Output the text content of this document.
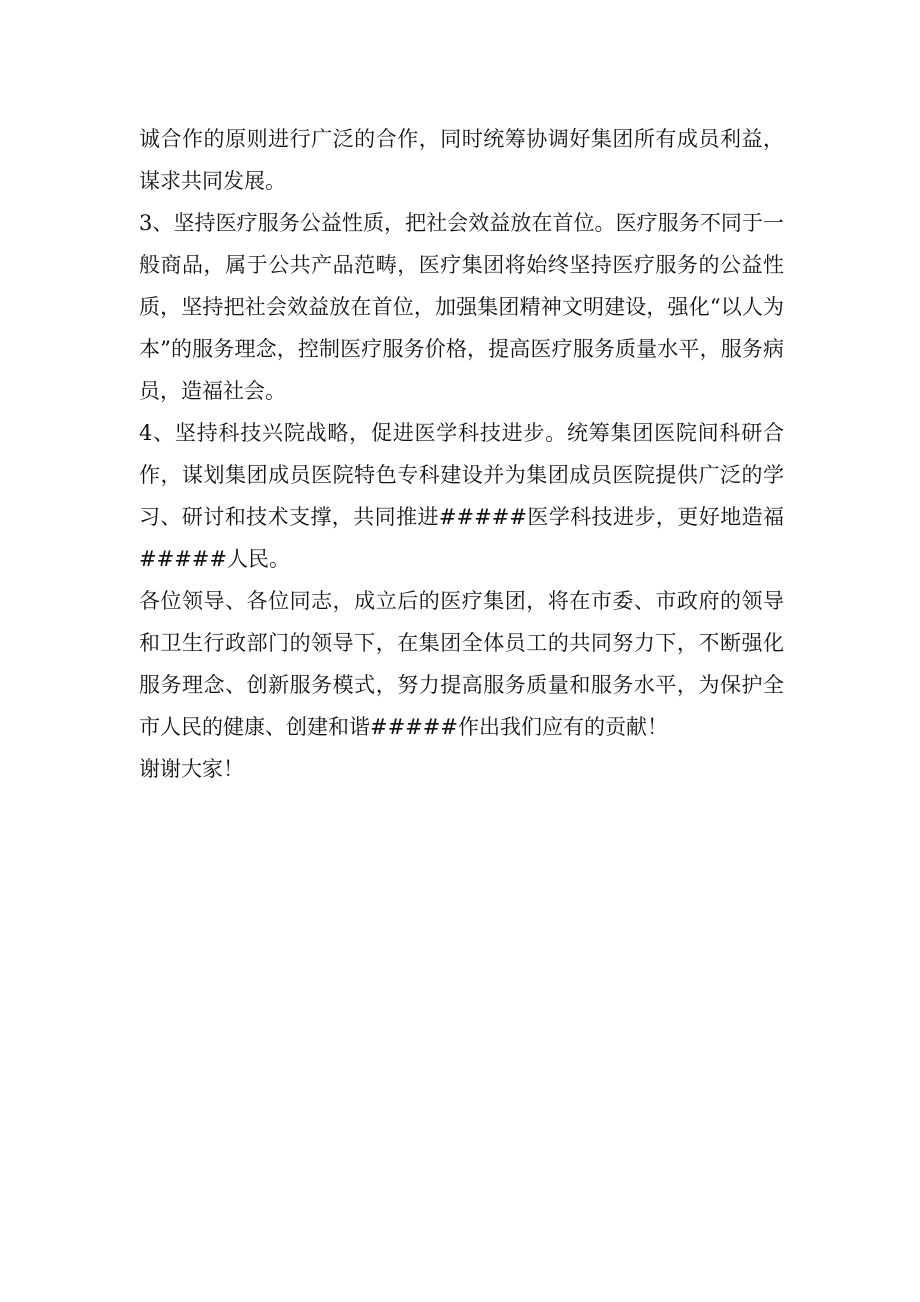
诚合作的原则进行广泛的合作，同时统筹协调好集团所有成员利益，谋求共同发展。

3、坚持医疗服务公益性质，把社会效益放在首位。医疗服务不同于一般商品，属于公共产品范畴，医疗集团将始终坚持医疗服务的公益性质，坚持把社会效益放在首位，加强集团精神文明建设，强化“以人为本”的服务理念，控制医疗服务价格，提高医疗服务质量水平，服务病员，造福社会。

4、坚持科技兴院战略，促进医学科技进步。统筹集团医院间科研合作，谋划集团成员医院特色专科建设并为集团成员医院提供广泛的学习、研讨和技术支撑，共同推进#####医学科技进步，更好地造福#####人民。

各位领导、各位同志，成立后的医疗集团，将在市委、市政府的领导和卫生行政部门的领导下，在集团全体员工的共同努力下，不断强化服务理念、创新服务模式，努力提高服务质量和服务水平，为保护全市人民的健康、创建和谐#####作出我们应有的贡献！

谢谢大家！
